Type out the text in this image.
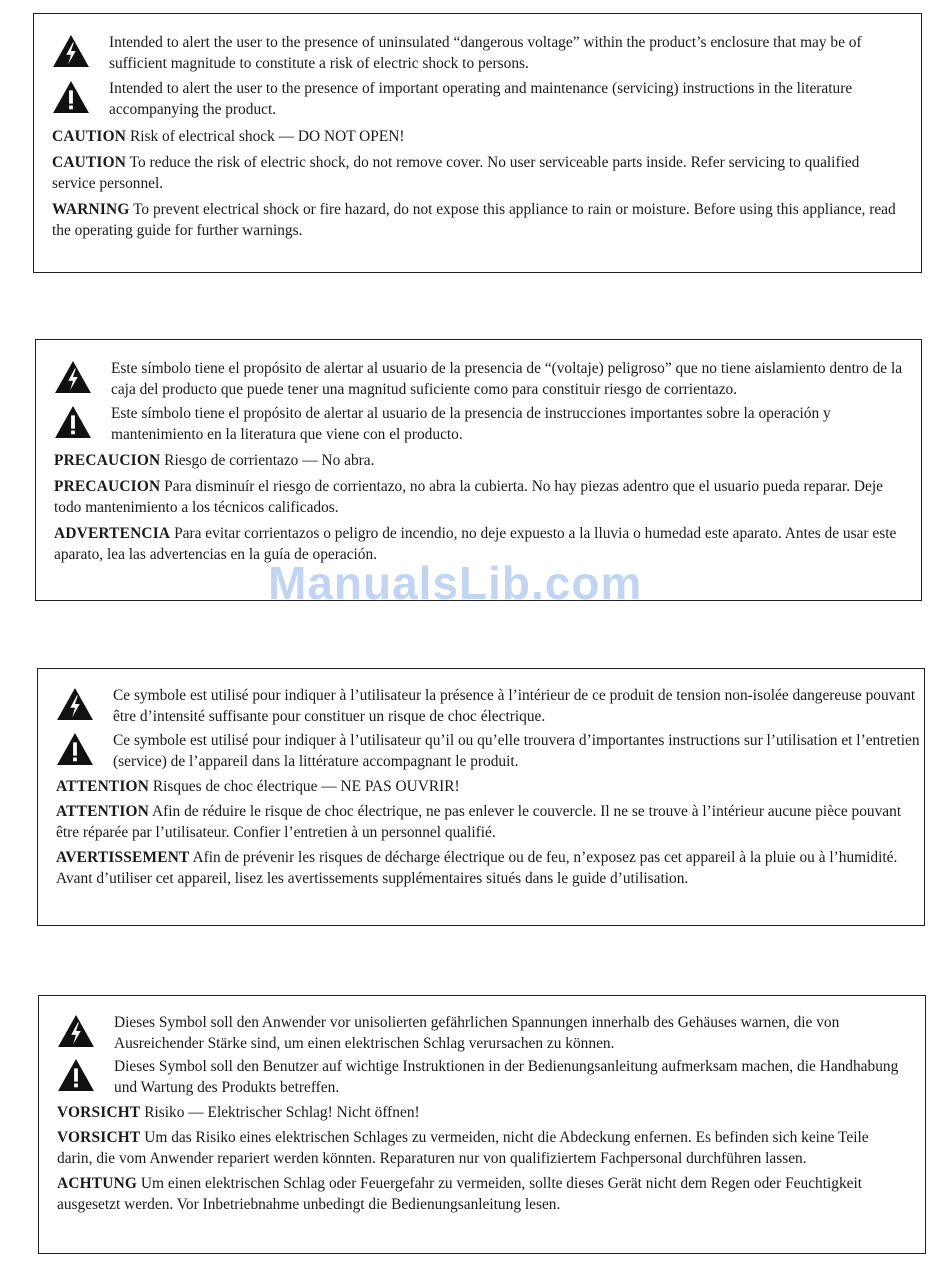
Intended to alert the user to the presence of uninsulated “dangerous voltage” within the product’s enclosure that may be of sufficient magnitude to constitute a risk of electric shock to persons.

Intended to alert the user to the presence of important operating and maintenance (servicing) instructions in the literature accompanying the product.

CAUTION Risk of electrical shock — DO NOT OPEN!

CAUTION To reduce the risk of electric shock, do not remove cover. No user serviceable parts inside. Refer servicing to qualified service personnel.

WARNING To prevent electrical shock or fire hazard, do not expose this appliance to rain or moisture. Before using this appliance, read the operating guide for further warnings.

Este símbolo tiene el propósito de alertar al usuario de la presencia de “(voltaje) peligroso” que no tiene aislamiento dentro de la caja del producto que puede tener una magnitud suficiente como para constituir riesgo de corrientazo.

Este símbolo tiene el propósito de alertar al usuario de la presencia de instrucciones importantes sobre la operación y mantenimiento en la literatura que viene con el producto.

PRECAUCION Riesgo de corrientazo — No abra.

PRECAUCION Para disminuír el riesgo de corrientazo, no abra la cubierta. No hay piezas adentro que el usuario pueda reparar. Deje todo mantenimiento a los técnicos calificados.

ADVERTENCIA Para evitar corrientazos o peligro de incendio, no deje expuesto a la lluvia o humedad este aparato. Antes de usar este aparato, lea las advertencias en la guía de operación.

Ce symbole est utilisé pour indiquer à l’utilisateur la présence à l’intérieur de ce produit de tension non-isolée dangereuse pouvant être d’intensité suffisante pour constituer un risque de choc électrique.

Ce symbole est utilisé pour indiquer à l’utilisateur qu’il ou qu’elle trouvera d’importantes instructions sur l’utilisation et l’entretien (service) de l’appareil dans la littérature accompagnant le produit.

ATTENTION Risques de choc électrique — NE PAS OUVRIR!

ATTENTION Afin de réduire le risque de choc électrique, ne pas enlever le couvercle. Il ne se trouve à l’intérieur aucune pièce pouvant être réparée par l’utilisateur. Confier l’entretien à un personnel qualifié.

AVERTISSEMENT Afin de prévenir les risques de décharge électrique ou de feu, n’exposez pas cet appareil à la pluie ou à l’humidité. Avant d’utiliser cet appareil, lisez les avertissements supplémentaires situés dans le guide d’utilisation.

Dieses Symbol soll den Anwender vor unisolierten gefährlichen Spannungen innerhalb des Gehäuses warnen, die von Ausreichender Stärke sind, um einen elektrischen Schlag verursachen zu können.

Dieses Symbol soll den Benutzer auf wichtige Instruktionen in der Bedienungsanleitung aufmerksam machen, die Handhabung und Wartung des Produkts betreffen.

VORSICHT Risiko — Elektrischer Schlag! Nicht öffnen!

VORSICHT Um das Risiko eines elektrischen Schlages zu vermeiden, nicht die Abdeckung enfernen. Es befinden sich keine Teile darin, die vom Anwender repariert werden könnten. Reparaturen nur von qualifiziertem Fachpersonal durchführen lassen.

ACHTUNG Um einen elektrischen Schlag oder Feuergefahr zu vermeiden, sollte dieses Gerät nicht dem Regen oder Feuchtigkeit ausgesetzt werden. Vor Inbetriebnahme unbedingt die Bedienungsanleitung lesen.

ManualsLib.com
